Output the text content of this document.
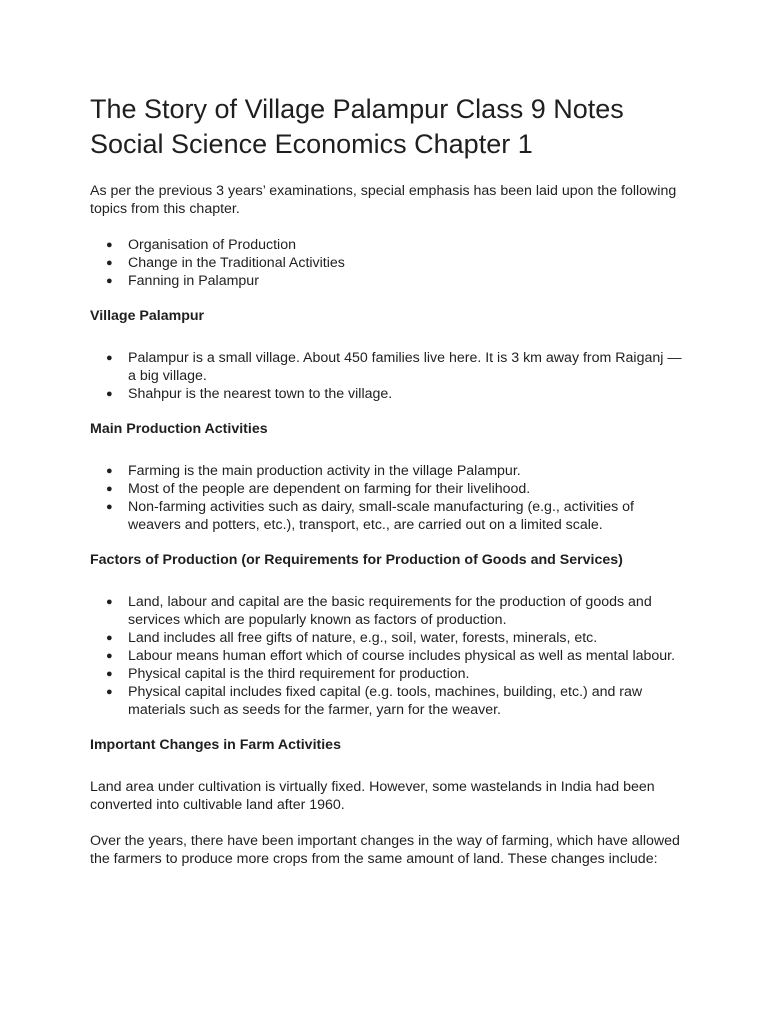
The Story of Village Palampur Class 9 Notes Social Science Economics Chapter 1

As per the previous 3 years’ examinations, special emphasis has been laid upon the following topics from this chapter.

● Organisation of Production
● Change in the Traditional Activities
● Fanning in Palampur
Village Palampur
● Palampur is a small village. About 450 families live here. It is 3 km away from Raiganj — a big village.
● Shahpur is the nearest town to the village.
Main Production Activities
● Farming is the main production activity in the village Palampur.
● Most of the people are dependent on farming for their livelihood.
● Non-farming activities such as dairy, small-scale manufacturing (e.g., activities of weavers and potters, etc.), transport, etc., are carried out on a limited scale.
Factors of Production (or Requirements for Production of Goods and Services)
● Land, labour and capital are the basic requirements for the production of goods and services which are popularly known as factors of production.
● Land includes all free gifts of nature, e.g., soil, water, forests, minerals, etc.
● Labour means human effort which of course includes physical as well as mental labour.
● Physical capital is the third requirement for production.
● Physical capital includes fixed capital (e.g. tools, machines, building, etc.) and raw materials such as seeds for the farmer, yarn for the weaver.
Important Changes in Farm Activities

Land area under cultivation is virtually fixed. However, some wastelands in India had been converted into cultivable land after 1960.

Over the years, there have been important changes in the way of farming, which have allowed the farmers to produce more crops from the same amount of land. These changes include:
